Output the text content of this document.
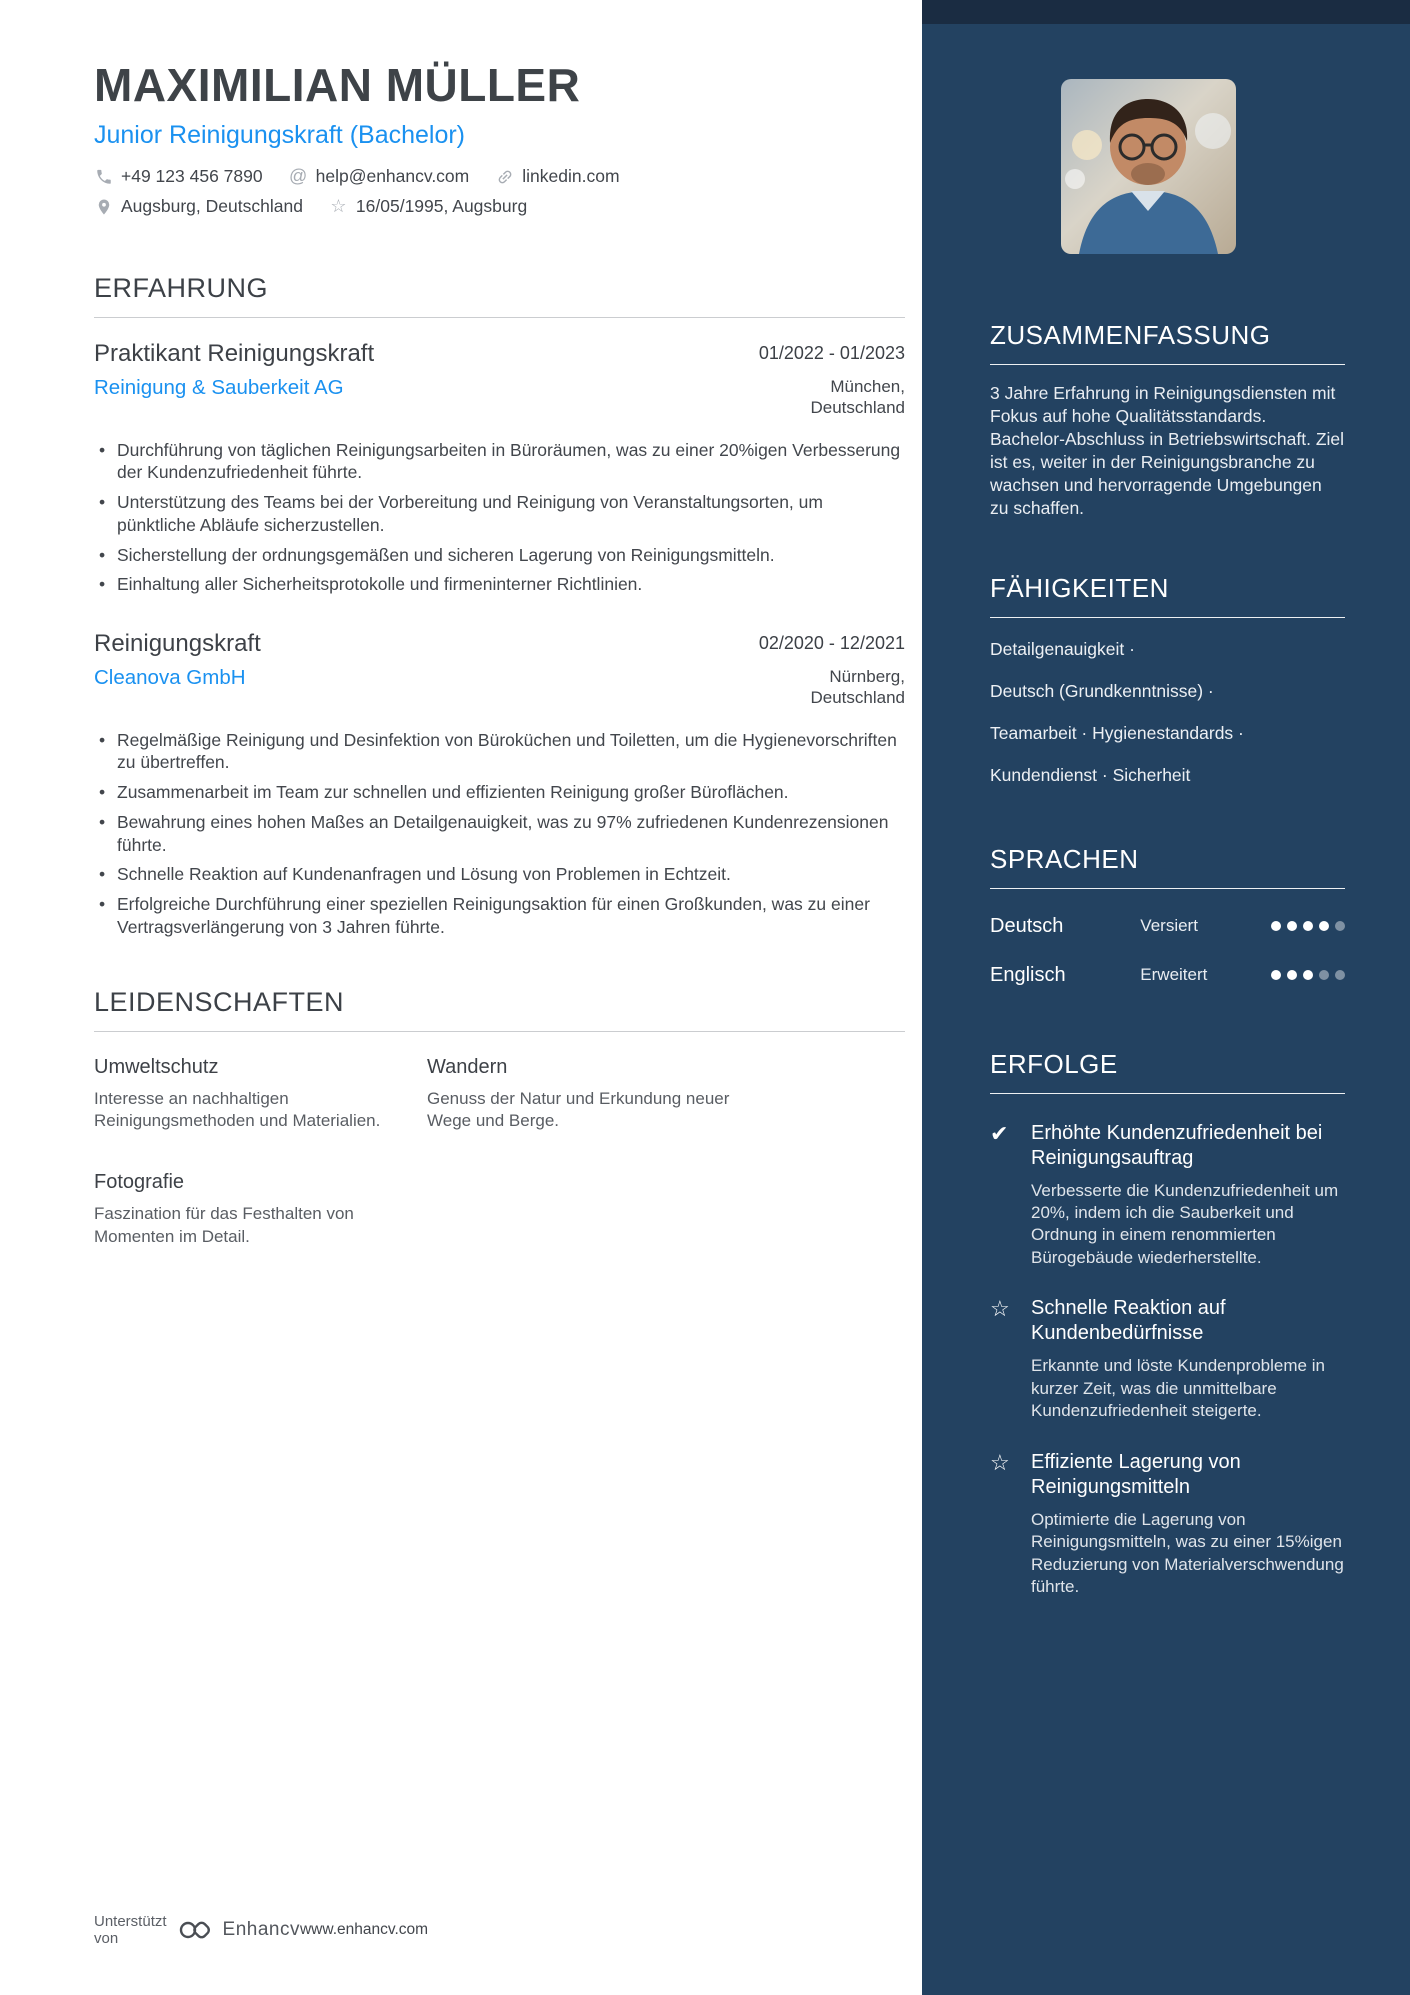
MAXIMILIAN MÜLLER
Junior Reinigungskraft (Bachelor)
+49 123 456 7890 @ help@enhancv.com	linkedin.com
Augsburg, Deutschland ☆ 16/05/1995, Augsburg
ERFAHRUNG
Praktikant Reinigungskraft	01/2022 - 01/2023
Reinigung & Sauberkeit AG	München, Deutschland
• Durchführung von täglichen Reinigungsarbeiten in Büroräumen, was zu einer 20%igen Verbesserung der Kundenzufriedenheit führte.
• Unterstützung des Teams bei der Vorbereitung und Reinigung von Veranstaltungsorten, um pünktliche Abläufe sicherzustellen.
• Sicherstellung der ordnungsgemäßen und sicheren Lagerung von Reinigungsmitteln.
• Einhaltung aller Sicherheitsprotokolle und firmeninterner Richtlinien.
Reinigungskraft	02/2020 - 12/2021
Cleanova GmbH	Nürnberg, Deutschland
• Regelmäßige Reinigung und Desinfektion von Büroküchen und Toiletten, um die Hygienevorschriften zu übertreffen.
• Zusammenarbeit im Team zur schnellen und effizienten Reinigung großer Büroflächen.
• Bewahrung eines hohen Maßes an Detailgenauigkeit, was zu 97% zufriedenen Kundenrezensionen führte.
• Schnelle Reaktion auf Kundenanfragen und Lösung von Problemen in Echtzeit.
• Erfolgreiche Durchführung einer speziellen Reinigungsaktion für einen Großkunden, was zu einer Vertragsverlängerung von 3 Jahren führte.
LEIDENSCHAFTEN
Umweltschutz
Interesse an nachhaltigen Reinigungsmethoden und Materialien.
Wandern
Genuss der Natur und Erkundung neuer Wege und Berge.
Fotografie
Faszination für das Festhalten von Momenten im Detail.
Unterstützt von	Enhancv www.enhancv.com
ZUSAMMENFASSUNG
3 Jahre Erfahrung in Reinigungsdiensten mit Fokus auf hohe Qualitätsstandards. Bachelor-Abschluss in Betriebswirtschaft. Ziel ist es, weiter in der Reinigungsbranche zu wachsen und hervorragende Umgebungen zu schaffen.
FÄHIGKEITEN
Detailgenauigkeit ·
Deutsch (Grundkenntnisse) ·
Teamarbeit · Hygienestandards ·
Kundendienst · Sicherheit
SPRACHEN
Deutsch	Versiert
Englisch	Erweitert
ERFOLGE
✔	Erhöhte Kundenzufriedenheit bei Reinigungsauftrag
Verbesserte die Kundenzufriedenheit um 20%, indem ich die Sauberkeit und Ordnung in einem renommierten Bürogebäude wiederherstellte.
☆	Schnelle Reaktion auf Kundenbedürfnisse
Erkannte und löste Kundenprobleme in kurzer Zeit, was die unmittelbare Kundenzufriedenheit steigerte.
☆	Effiziente Lagerung von Reinigungsmitteln
Optimierte die Lagerung von Reinigungsmitteln, was zu einer 15%igen Reduzierung von Materialverschwendung führte.
